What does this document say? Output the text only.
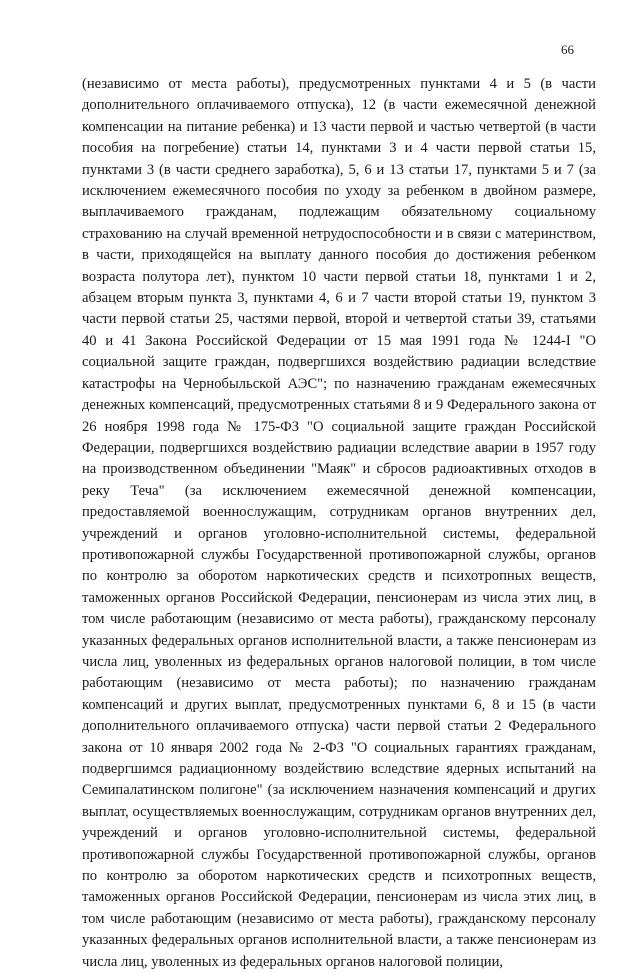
66

(независимо от места работы), предусмотренных пунктами 4 и 5 (в части дополнительного оплачиваемого отпуска), 12 (в части ежемесячной денежной компенсации на питание ребенка) и 13 части первой и частью четвертой (в части пособия на погребение) статьи 14, пунктами 3 и 4 части первой статьи 15, пунктами 3 (в части среднего заработка), 5, 6 и 13 статьи 17, пунктами 5 и 7 (за исключением ежемесячного пособия по уходу за ребенком в двойном размере, выплачиваемого гражданам, подлежащим обязательному социальному страхованию на случай временной нетрудоспособности и в связи с материнством, в части, приходящейся на выплату данного пособия до достижения ребенком возраста полутора лет), пунктом 10 части первой статьи 18, пунктами 1 и 2, абзацем вторым пункта 3, пунктами 4, 6 и 7 части второй статьи 19, пунктом 3 части первой статьи 25, частями первой, второй и четвертой статьи 39, статьями 40 и 41 Закона Российской Федерации от 15 мая 1991 года № 1244-I "О социальной защите граждан, подвергшихся воздействию радиации вследствие катастрофы на Чернобыльской АЭС"; по назначению гражданам ежемесячных денежных компенсаций, предусмотренных статьями 8 и 9 Федерального закона от 26 ноября 1998 года № 175-ФЗ "О социальной защите граждан Российской Федерации, подвергшихся воздействию радиации вследствие аварии в 1957 году на производственном объединении "Маяк" и сбросов радиоактивных отходов в реку Теча" (за исключением ежемесячной денежной компенсации, предоставляемой военнослужащим, сотрудникам органов внутренних дел, учреждений и органов уголовно-исполнительной системы, федеральной противопожарной службы Государственной противопожарной службы, органов по контролю за оборотом наркотических средств и психотропных веществ, таможенных органов Российской Федерации, пенсионерам из числа этих лиц, в том числе работающим (независимо от места работы), гражданскому персоналу указанных федеральных органов исполнительной власти, а также пенсионерам из числа лиц, уволенных из федеральных органов налоговой полиции, в том числе работающим (независимо от места работы); по назначению гражданам компенсаций и других выплат, предусмотренных пунктами 6, 8 и 15 (в части дополнительного оплачиваемого отпуска) части первой статьи 2 Федерального закона от 10 января 2002 года № 2-ФЗ "О социальных гарантиях гражданам, подвергшимся радиационному воздействию вследствие ядерных испытаний на Семипалатинском полигоне" (за исключением назначения компенсаций и других выплат, осуществляемых военнослужащим, сотрудникам органов внутренних дел, учреждений и органов уголовно-исполнительной системы, федеральной противопожарной службы Государственной противопожарной службы, органов по контролю за оборотом наркотических средств и психотропных веществ, таможенных органов Российской Федерации, пенсионерам из числа этих лиц, в том числе работающим (независимо от места работы), гражданскому персоналу указанных федеральных органов исполнительной власти, а также пенсионерам из числа лиц, уволенных из федеральных органов налоговой полиции,
